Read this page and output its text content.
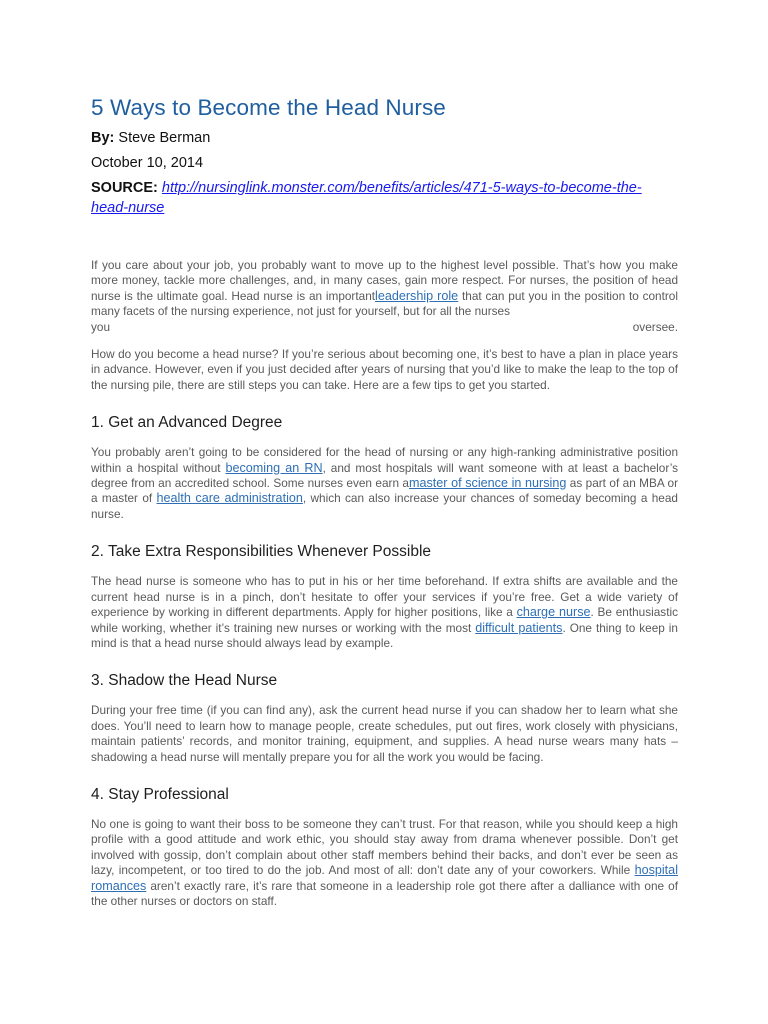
5 Ways to Become the Head Nurse

By: Steve Berman

October 10, 2014

SOURCE: http://nursinglink.monster.com/benefits/articles/471-5-ways-to-become-the-head-nurse

If you care about your job, you probably want to move up to the highest level possible. That’s how you make more money, tackle more challenges, and, in many cases, gain more respect. For nurses, the position of head nurse is the ultimate goal. Head nurse is an importantleadership role that can put you in the position to control many facets of the nursing experience, not just for yourself, but for all the nurses
you	oversee.

How do you become a head nurse? If you’re serious about becoming one, it’s best to have a plan in place years in advance. However, even if you just decided after years of nursing that you’d like to make the leap to the top of the nursing pile, there are still steps you can take. Here are a few tips to get you started.

1. Get an Advanced Degree

You probably aren’t going to be considered for the head of nursing or any high-ranking administrative position within a hospital without becoming an RN, and most hospitals will want someone with at least a bachelor’s degree from an accredited school. Some nurses even earn amaster of science in nursing as part of an MBA or a master of health care administration, which can also increase your chances of someday becoming a head nurse.

2. Take Extra Responsibilities Whenever Possible

The head nurse is someone who has to put in his or her time beforehand. If extra shifts are available and the current head nurse is in a pinch, don’t hesitate to offer your services if you’re free. Get a wide variety of experience by working in different departments. Apply for higher positions, like a charge nurse. Be enthusiastic while working, whether it’s training new nurses or working with the most difficult patients. One thing to keep in mind is that a head nurse should always lead by example.

3. Shadow the Head Nurse

During your free time (if you can find any), ask the current head nurse if you can shadow her to learn what she does. You’ll need to learn how to manage people, create schedules, put out fires, work closely with physicians, maintain patients’ records, and monitor training, equipment, and supplies. A head nurse wears many hats – shadowing a head nurse will mentally prepare you for all the work you would be facing.

4. Stay Professional

No one is going to want their boss to be someone they can’t trust. For that reason, while you should keep a high profile with a good attitude and work ethic, you should stay away from drama whenever possible. Don’t get involved with gossip, don’t complain about other staff members behind their backs, and don’t ever be seen as lazy, incompetent, or too tired to do the job. And most of all: don’t date any of your coworkers. While hospital romances aren’t exactly rare, it’s rare that someone in a leadership role got there after a dalliance with one of the other nurses or doctors on staff.
